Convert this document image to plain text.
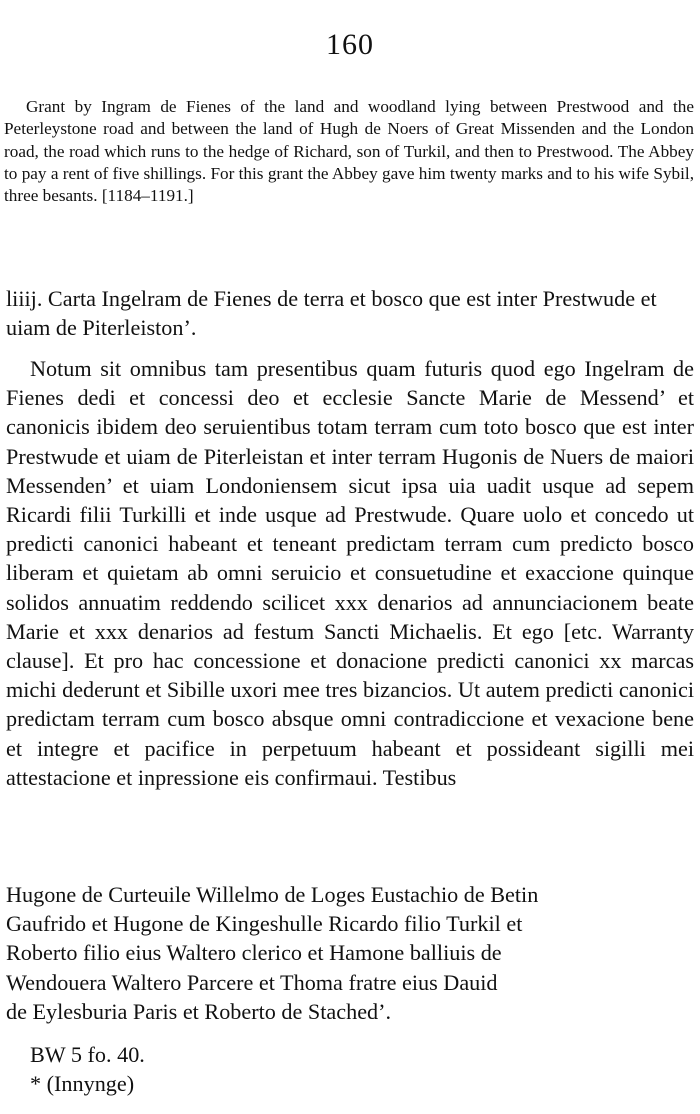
160

Grant by Ingram de Fienes of the land and woodland lying between Prestwood and the Peterleystone road and between the land of Hugh de Noers of Great Missenden and the London road, the road which runs to the hedge of Richard, son of Turkil, and then to Prestwood. The Abbey to pay a rent of five shillings. For this grant the Abbey gave him twenty marks and to his wife Sybil, three besants. [1184–1191.]

liiij. Carta Ingelram de Fienes de terra et bosco que est inter Prestwude et uiam de Piterleiston’.

Notum sit omnibus tam presentibus quam futuris quod ego Ingelram de Fienes dedi et concessi deo et ecclesie Sancte Marie de Messend’ et canonicis ibidem deo seruientibus totam terram cum toto bosco que est inter Prestwude et uiam de Piterleistan et inter terram Hugonis de Nuers de maiori Messenden’ et uiam Londoniensem sicut ipsa uia uadit usque ad sepem Ricardi filii Turkilli et inde usque ad Prestwude. Quare uolo et concedo ut predicti canonici habeant et teneant predictam terram cum predicto bosco liberam et quietam ab omni seruicio et consuetudine et exaccione quinque solidos annuatim reddendo scilicet xxx denarios ad annunciacionem beate Marie et xxx denarios ad festum Sancti Michaelis. Et ego [etc. Warranty clause]. Et pro hac concessione et donacione predicti canonici xx marcas michi dederunt et Sibille uxori mee tres bizancios. Ut autem predicti canonici predictam terram cum bosco absque omni contradiccione et vexacione bene et integre et pacifice in perpetuum habeant et possideant sigilli mei attestacione et inpressione eis confirmaui. Testibus

Hugone de Curteuile Willelmo de Loges Eustachio de Betin
Gaufrido et Hugone de Kingeshulle Ricardo filio Turkil et
Roberto filio eius Waltero clerico et Hamone balliuis de
Wendouera Waltero Parcere et Thoma fratre eius Dauid
de Eylesburia Paris et Roberto de Stached’.

BW 5 fo. 40.

* (Innynge)
